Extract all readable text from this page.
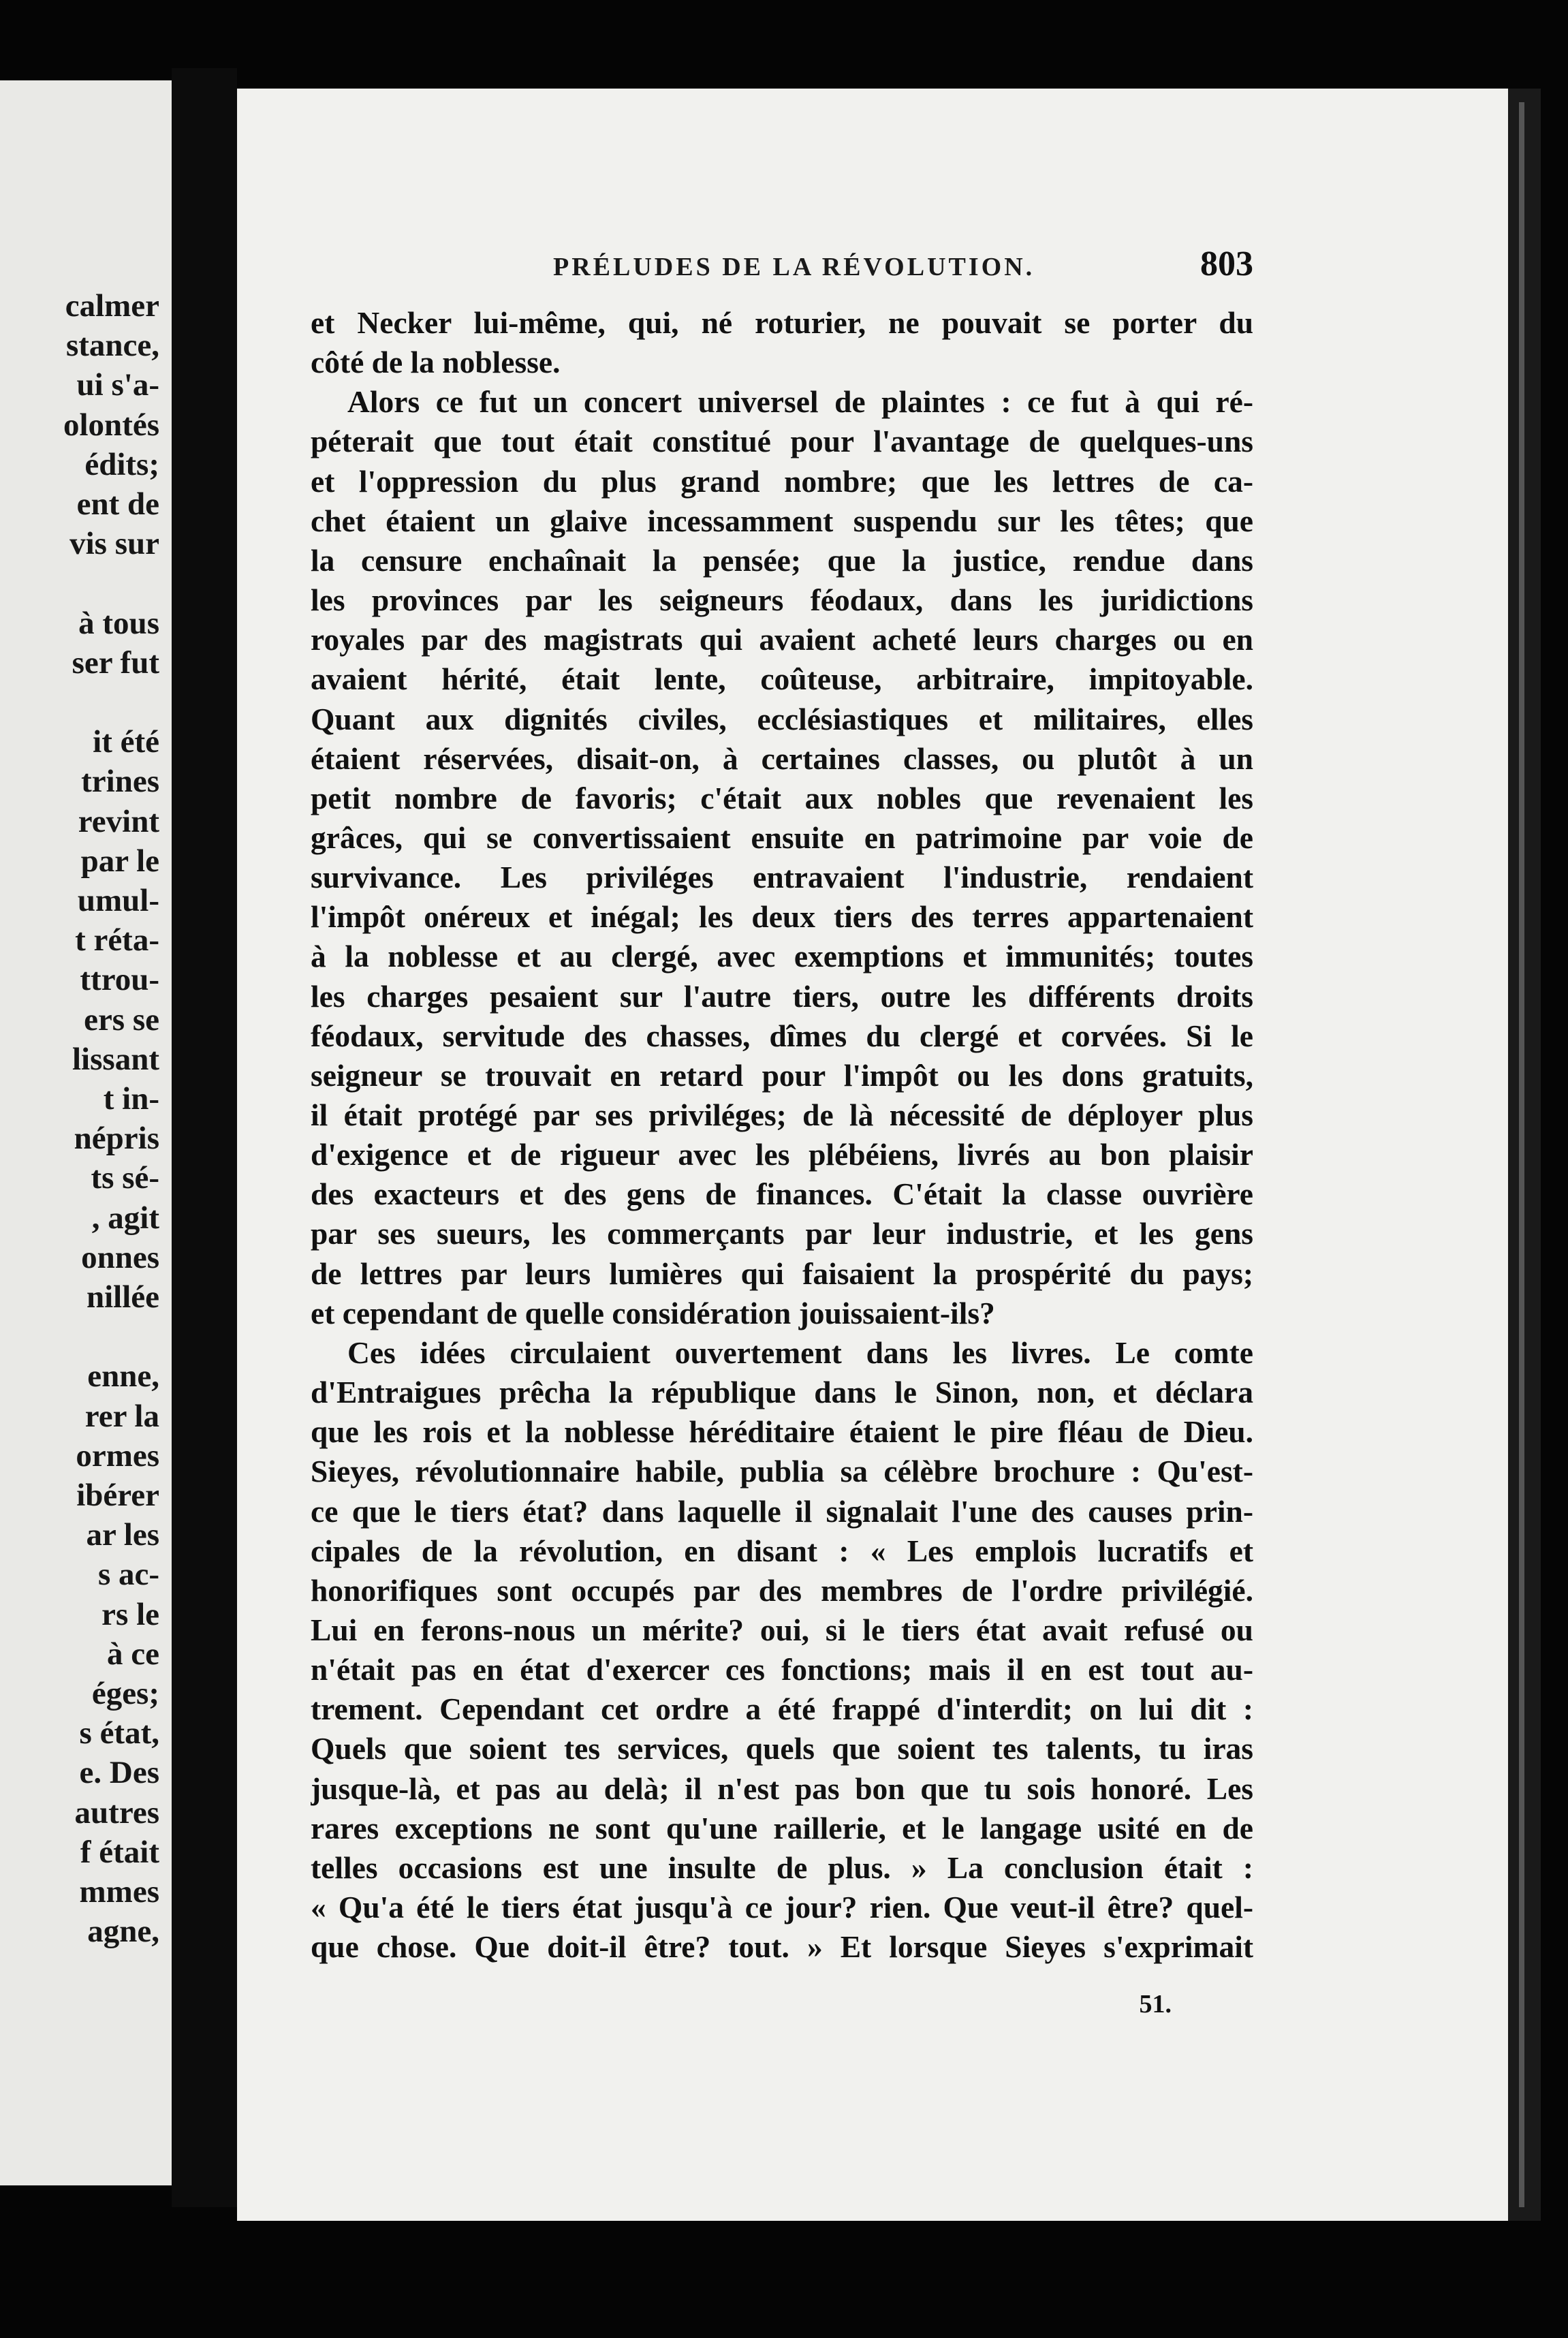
calmer
stance,
ui s'a-
olontés
édits;
ent de
vis sur
à tous
ser fut
it été
trines
revint
par le
umul-
t réta-
ttrou-
ers se
lissant
t in-
népris
ts sé-
, agit
onnes
nillée
enne,
rer la
ormes
ibérer
ar les
s ac-
rs le
à ce
éges;
s état,
e. Des
autres
f était
mmes
agne,
PRÉLUDES DE LA RÉVOLUTION.	803
et Necker lui-même, qui, né roturier, ne pouvait se porter du
côté de la noblesse.
Alors ce fut un concert universel de plaintes : ce fut à qui ré-
péterait que tout était constitué pour l'avantage de quelques-uns
et l'oppression du plus grand nombre; que les lettres de ca-
chet étaient un glaive incessamment suspendu sur les têtes; que
la censure enchaînait la pensée; que la justice, rendue dans
les provinces par les seigneurs féodaux, dans les juridictions
royales par des magistrats qui avaient acheté leurs charges ou en
avaient hérité, était lente, coûteuse, arbitraire, impitoyable.
Quant aux dignités civiles, ecclésiastiques et militaires, elles
étaient réservées, disait-on, à certaines classes, ou plutôt à un
petit nombre de favoris; c'était aux nobles que revenaient les
grâces, qui se convertissaient ensuite en patrimoine par voie de
survivance. Les priviléges entravaient l'industrie, rendaient
l'impôt onéreux et inégal; les deux tiers des terres appartenaient
à la noblesse et au clergé, avec exemptions et immunités; toutes
les charges pesaient sur l'autre tiers, outre les différents droits
féodaux, servitude des chasses, dîmes du clergé et corvées. Si le
seigneur se trouvait en retard pour l'impôt ou les dons gratuits,
il était protégé par ses priviléges; de là nécessité de déployer plus
d'exigence et de rigueur avec les plébéiens, livrés au bon plaisir
des exacteurs et des gens de finances. C'était la classe ouvrière
par ses sueurs, les commerçants par leur industrie, et les gens
de lettres par leurs lumières qui faisaient la prospérité du pays;
et cependant de quelle considération jouissaient-ils?
Ces idées circulaient ouvertement dans les livres. Le comte
d'Entraigues prêcha la république dans le Sinon, non, et déclara
que les rois et la noblesse héréditaire étaient le pire fléau de Dieu.
Sieyes, révolutionnaire habile, publia sa célèbre brochure : Qu'est-
ce que le tiers état? dans laquelle il signalait l'une des causes prin-
cipales de la révolution, en disant : « Les emplois lucratifs et
honorifiques sont occupés par des membres de l'ordre privilégié.
Lui en ferons-nous un mérite? oui, si le tiers état avait refusé ou
n'était pas en état d'exercer ces fonctions; mais il en est tout au-
trement. Cependant cet ordre a été frappé d'interdit; on lui dit :
Quels que soient tes services, quels que soient tes talents, tu iras
jusque-là, et pas au delà; il n'est pas bon que tu sois honoré. Les
rares exceptions ne sont qu'une raillerie, et le langage usité en de
telles occasions est une insulte de plus. » La conclusion était :
« Qu'a été le tiers état jusqu'à ce jour? rien. Que veut-il être? quel-
que chose. Que doit-il être? tout. » Et lorsque Sieyes s'exprimait
51.
